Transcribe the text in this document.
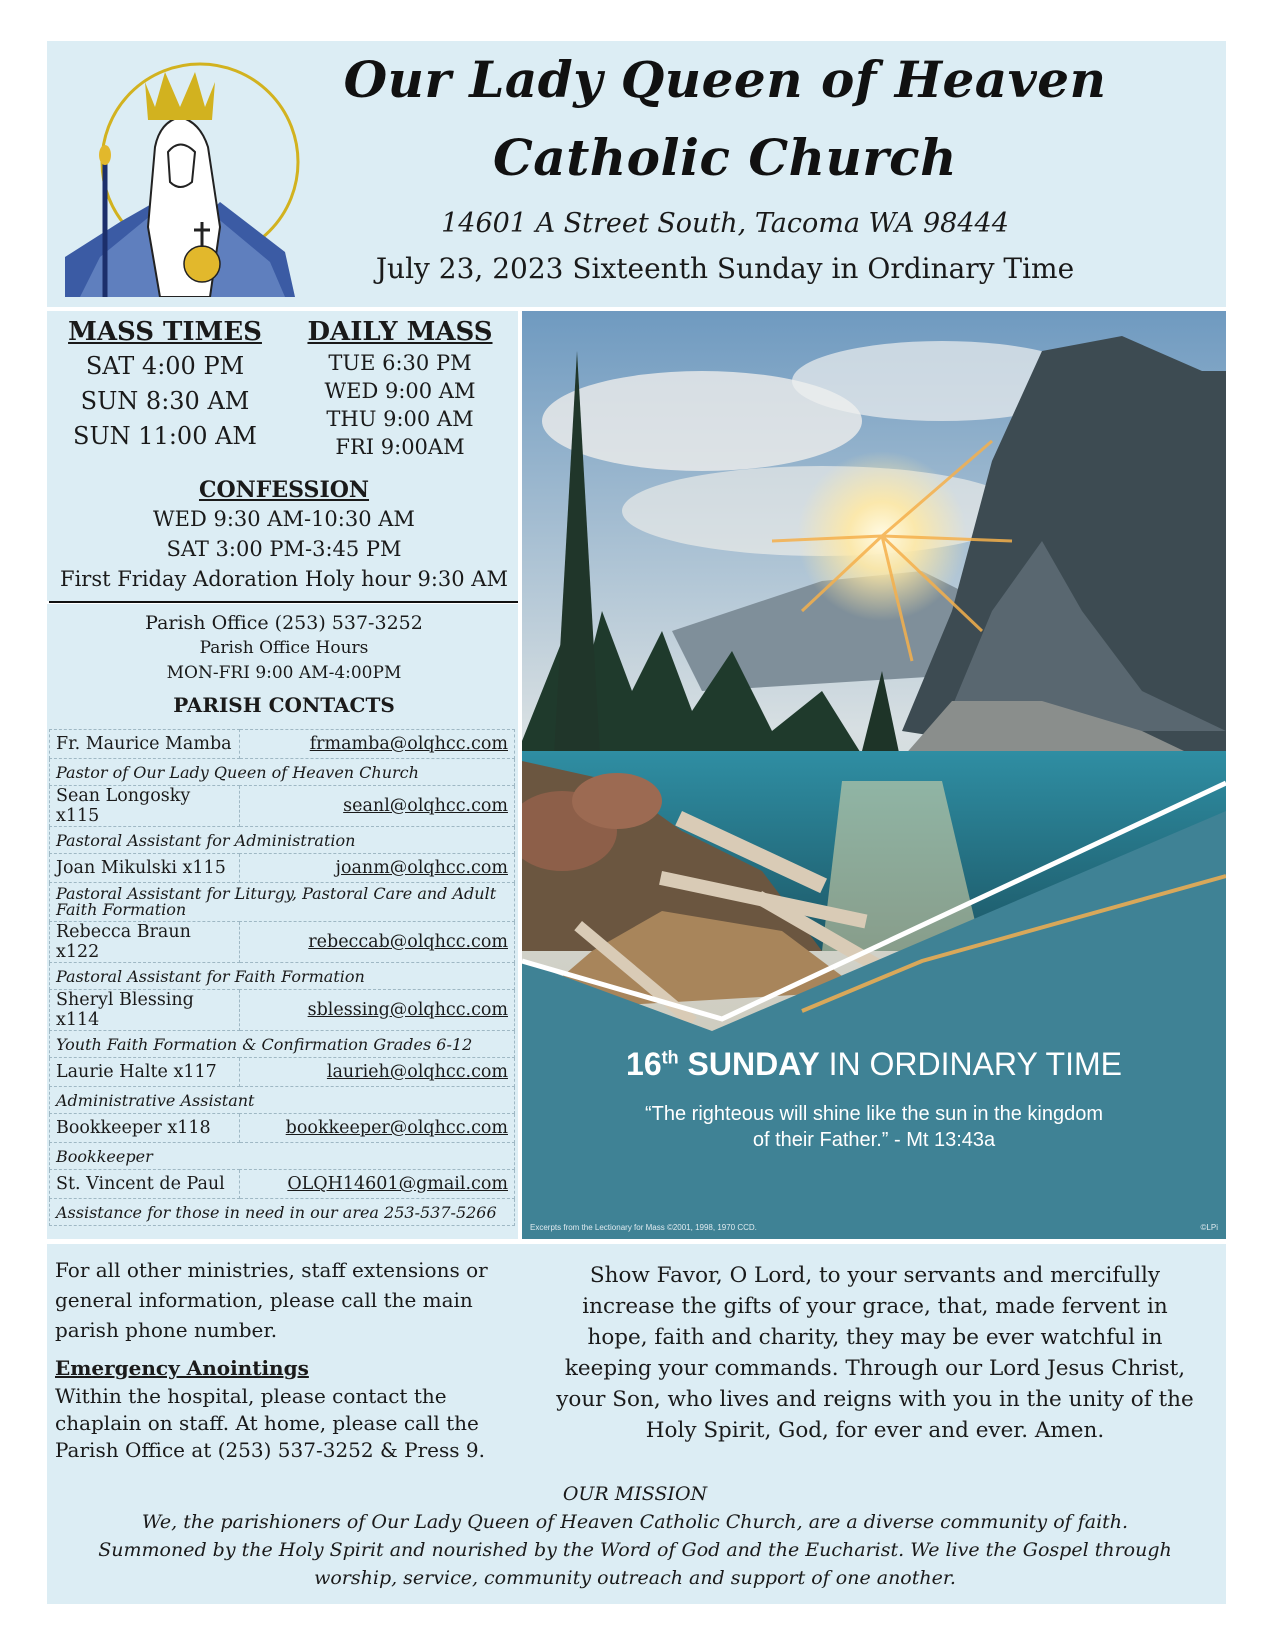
Our Lady Queen of Heaven
Catholic Church
14601 A Street South, Tacoma WA 98444
July 23, 2023 Sixteenth Sunday in Ordinary Time
MASS TIMES
SAT 4:00 PM
SUN 8:30 AM
SUN 11:00 AM
DAILY MASS
TUE 6:30 PM
WED 9:00 AM
THU 9:00 AM
FRI 9:00AM
CONFESSION
WED 9:30 AM-10:30 AM
SAT 3:00 PM-3:45 PM
First Friday Adoration Holy hour 9:30 AM
Parish Office (253) 537-3252
Parish Office Hours
MON-FRI 9:00 AM-4:00PM
PARISH CONTACTS
Fr. Maurice Mamba	frmamba@olqhcc.com
Pastor of Our Lady Queen of Heaven Church	
Sean Longosky x115	seanl@olqhcc.com
Pastoral Assistant for Administration	
Joan Mikulski x115	joanm@olqhcc.com
Pastoral Assistant for Liturgy, Pastoral Care and Adult Faith Formation	
Rebecca Braun x122	rebeccab@olqhcc.com
Pastoral Assistant for Faith Formation	
Sheryl Blessing x114	sblessing@olqhcc.com
Youth Faith Formation & Confirmation Grades 6-12	
Laurie Halte x117	laurieh@olqhcc.com
Administrative Assistant	
Bookkeeper x118	bookkeeper@olqhcc.com
Bookkeeper	
St. Vincent de Paul	OLQH14601@gmail.com
Assistance for those in need in our area 253-537-5266	
16th SUNDAY IN ORDINARY TIME
“The righteous will shine like the sun in the kingdom
of their Father.” - Mt 13:43a
Excerpts from the Lectionary for Mass ©2001, 1998, 1970 CCD.	©LPi
For all other ministries, staff extensions or general information, please call the main parish phone number.
Emergency Anointings
Within the hospital, please contact the chaplain on staff. At home, please call the Parish Office at (253) 537-3252 & Press 9.
Show Favor, O Lord, to your servants and mercifully increase the gifts of your grace, that, made fervent in hope, faith and charity, they may be ever watchful in keeping your commands. Through our Lord Jesus Christ, your Son, who lives and reigns with you in the unity of the Holy Spirit, God, for ever and ever. Amen.
OUR MISSION
We, the parishioners of Our Lady Queen of Heaven Catholic Church, are a diverse community of faith.
Summoned by the Holy Spirit and nourished by the Word of God and the Eucharist. We live the Gospel through
worship, service, community outreach and support of one another.
